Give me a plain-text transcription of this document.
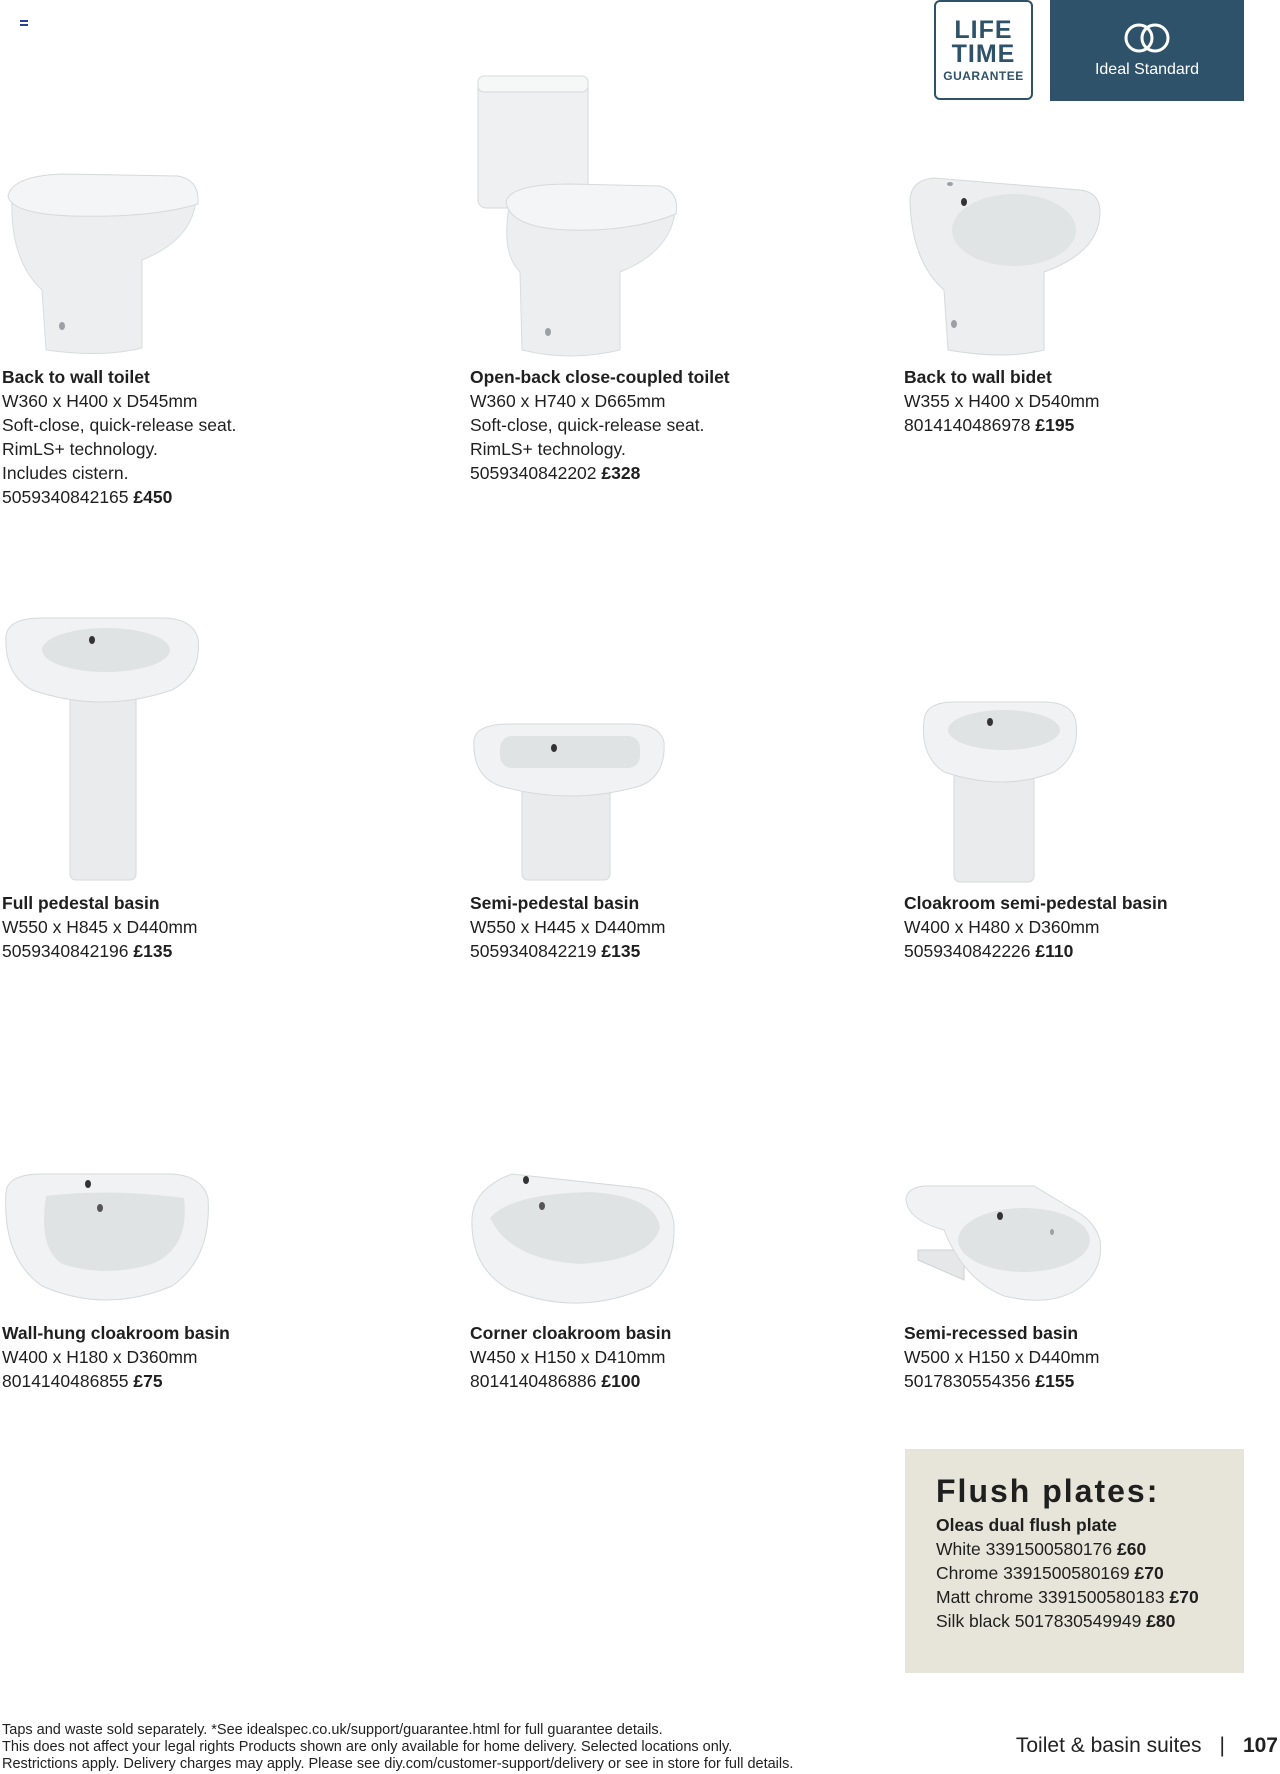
LIFE
TIME
GUARANTEE	Ideal Standard
Back to wall toilet
W360 x H400 x D545mm
Soft-close, quick-release seat.
RimLS+ technology.
Includes cistern.
5059340842165 £450
Open-back close-coupled toilet
W360 x H740 x D665mm
Soft-close, quick-release seat.
RimLS+ technology.
5059340842202 £328
Back to wall bidet
W355 x H400 x D540mm
8014140486978 £195
Full pedestal basin
W550 x H845 x D440mm
5059340842196 £135
Semi-pedestal basin
W550 x H445 x D440mm
5059340842219 £135
Cloakroom semi-pedestal basin
W400 x H480 x D360mm
5059340842226 £110
Wall-hung cloakroom basin
W400 x H180 x D360mm
8014140486855 £75
Corner cloakroom basin
W450 x H150 x D410mm
8014140486886 £100
Semi-recessed basin
W500 x H150 x D440mm
5017830554356 £155
Flush plates:
Oleas dual flush plate
White 3391500580176 £60
Chrome 3391500580169 £70
Matt chrome 3391500580183 £70
Silk black 5017830549949 £80
Taps and waste sold separately. *See idealspec.co.uk/support/guarantee.html for full guarantee details.
This does not affect your legal rights Products shown are only available for home delivery. Selected locations only.
Restrictions apply. Delivery charges may apply. Please see diy.com/customer-support/delivery or see in store for full details.
Toilet & basin suites | 107
